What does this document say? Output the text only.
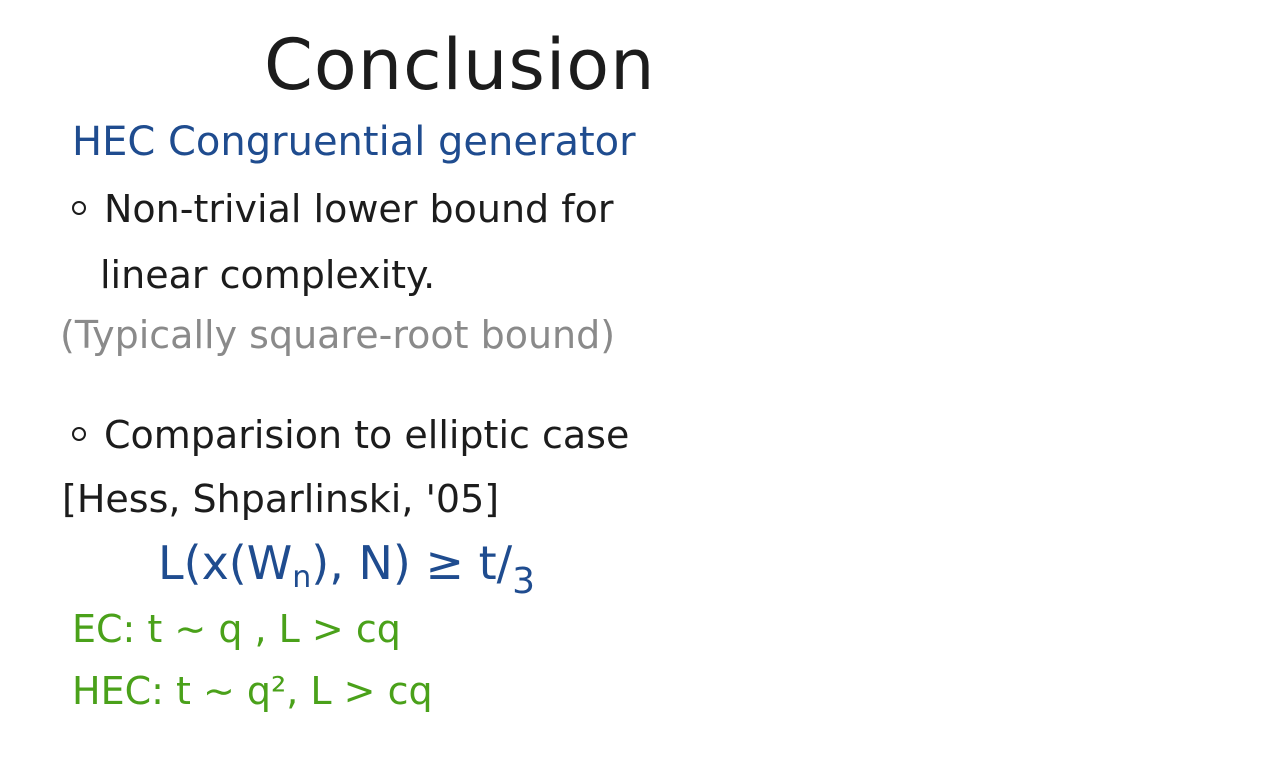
Conclusion
HEC Congruential generator
Non-trivial lower bound for
linear complexity.
(Typically square-root bound)
Comparision to elliptic case
[Hess, Shparlinski, '05]
$L(x(W_n)$, $N) \ge t/_3$
EC: t ∼ q , L > cq
HEC: t ∼ q², L > cq
